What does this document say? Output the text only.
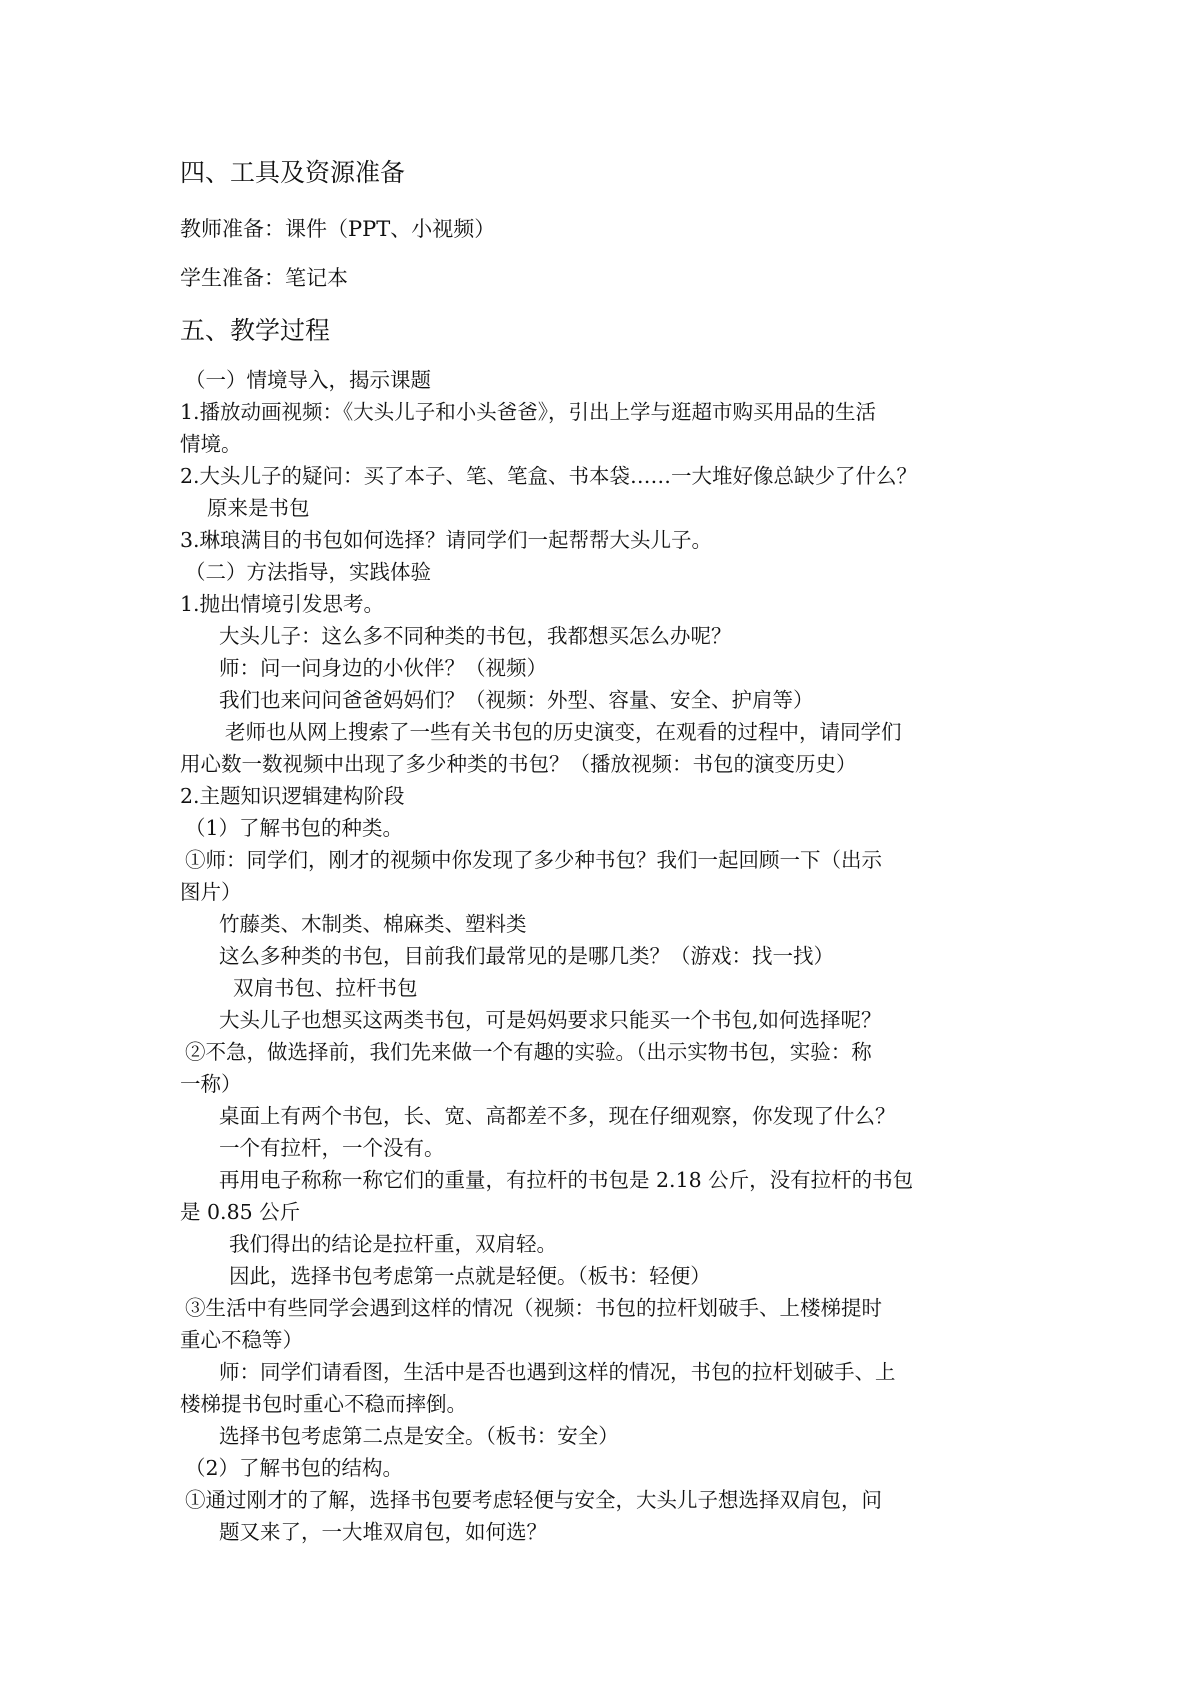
四、工具及资源准备
教师准备：课件（PPT、小视频）
学生准备：笔记本
五、教学过程
（一）情境导入，揭示课题
1.播放动画视频：《大头儿子和小头爸爸》，引出上学与逛超市购买用品的生活
情境。
2.大头儿子的疑问：买了本子、笔、笔盒、书本袋……一大堆好像总缺少了什么？
原来是书包
3.琳琅满目的书包如何选择？请同学们一起帮帮大头儿子。
（二）方法指导，实践体验
1.抛出情境引发思考。
大头儿子：这么多不同种类的书包，我都想买怎么办呢？
师：问一问身边的小伙伴？（视频）
我们也来问问爸爸妈妈们？（视频：外型、容量、安全、护肩等）
老师也从网上搜索了一些有关书包的历史演变，在观看的过程中，请同学们
用心数一数视频中出现了多少种类的书包？（播放视频：书包的演变历史）
2.主题知识逻辑建构阶段
（1）了解书包的种类。
①师：同学们，刚才的视频中你发现了多少种书包？我们一起回顾一下（出示
图片）
竹藤类、木制类、棉麻类、塑料类
这么多种类的书包，目前我们最常见的是哪几类？（游戏：找一找）
双肩书包、拉杆书包
大头儿子也想买这两类书包，可是妈妈要求只能买一个书包,如何选择呢？
②不急，做选择前，我们先来做一个有趣的实验。（出示实物书包，实验：称
一称）
桌面上有两个书包，长、宽、高都差不多，现在仔细观察，你发现了什么？
一个有拉杆，一个没有。
再用电子称称一称它们的重量，有拉杆的书包是 2.18 公斤，没有拉杆的书包
是 0.85 公斤
我们得出的结论是拉杆重，双肩轻。
因此，选择书包考虑第一点就是轻便。（板书：轻便）
③生活中有些同学会遇到这样的情况（视频：书包的拉杆划破手、上楼梯提时
重心不稳等）
师：同学们请看图，生活中是否也遇到这样的情况，书包的拉杆划破手、上
楼梯提书包时重心不稳而摔倒。
选择书包考虑第二点是安全。（板书：安全）
（2）了解书包的结构。
①通过刚才的了解，选择书包要考虑轻便与安全，大头儿子想选择双肩包，问
题又来了，一大堆双肩包，如何选？
